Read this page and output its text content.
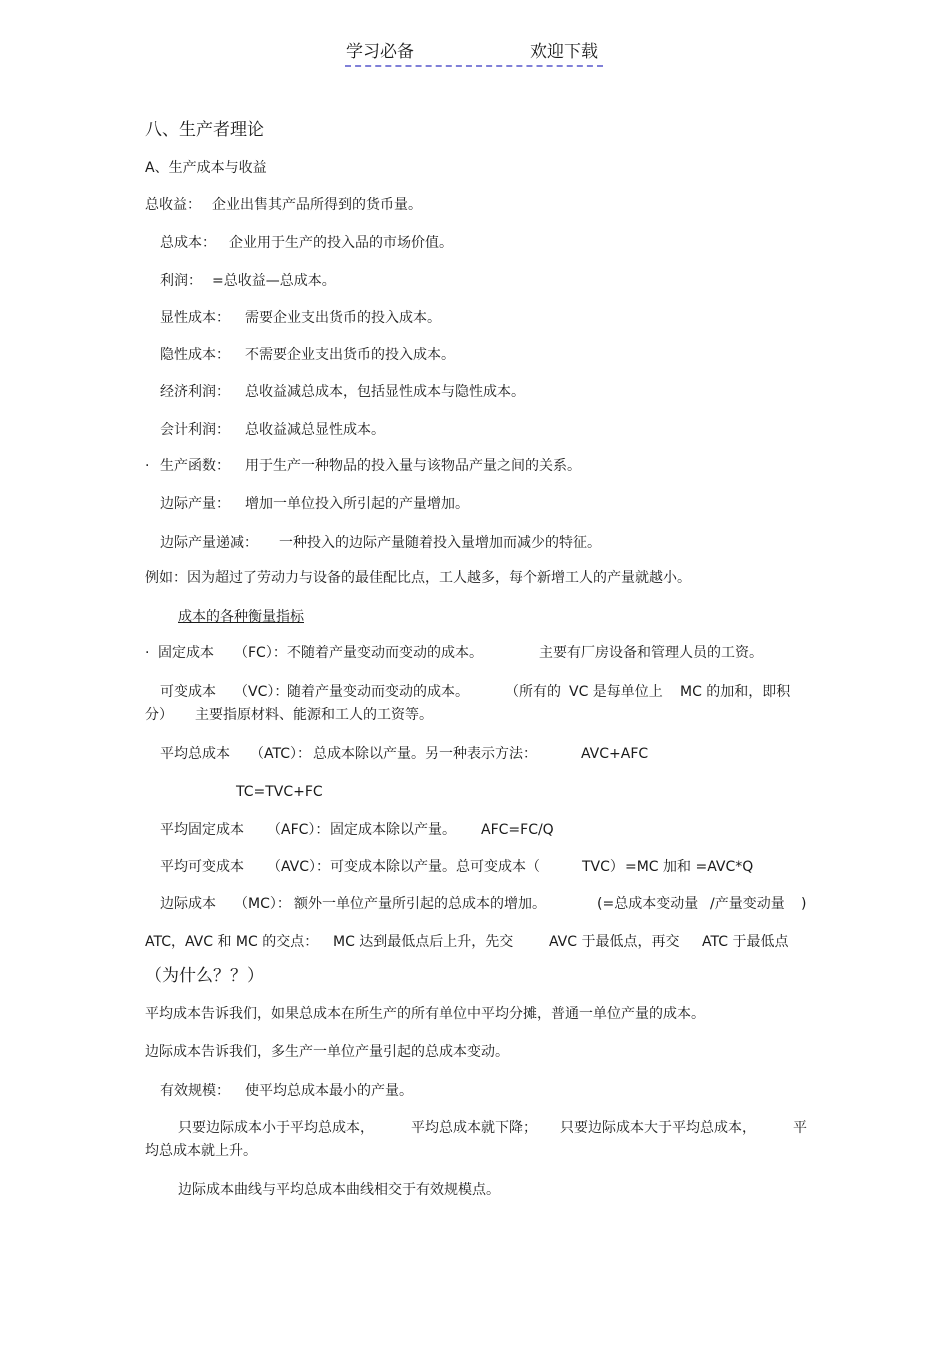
学习必备	欢迎下载
八、生产者理论
A、生产成本与收益
总收益： 企业出售其产品所得到的货币量。
总成本： 企业用于生产的投入品的市场价值。
利润： =总收益—总成本。
显性成本： 需要企业支出货币的投入成本。
隐性成本： 不需要企业支出货币的投入成本。
经济利润： 总收益减总成本，包括显性成本与隐性成本。
会计利润： 总收益减总显性成本。
· 生产函数： 用于生产一种物品的投入量与该物品产量之间的关系。
边际产量： 增加一单位投入所引起的产量增加。
边际产量递减： 一种投入的边际产量随着投入量增加而减少的特征。
例如：因为超过了劳动力与设备的最佳配比点，工人越多，每个新增工人的产量就越小。
成本的各种衡量指标
· 固定成本 （FC）： 不随着产量变动而变动的成本。	主要有厂房设备和管理人员的工资。
可变成本 （VC）：
随着产量变动而变动的成本。	（所有的 VC 是每单位上 MC 的加和，即积
分） 主要指原材料、能源和工人的工资等。
平均总成本 （ATC）： 总成本除以产量。另一种表示方法：	AVC+AFC
TC=TVC+FC
平均固定成本 （AFC）： 固定成本除以产量。 AFC=FC/Q
平均可变成本 （AVC）： 可变成本除以产量。总可变成本（	TVC） =MC 加和 =AVC*Q
边际成本 （MC）： 额外一单位产量所引起的总成本的增加。	(=总成本变动量 /产量变动量 )
ATC，AVC 和 MC 的交点： MC 达到最低点后上升，先交	AVC 于最低点，再交 ATC 于最低点
（为什么？？）
平均成本告诉我们，如果总成本在所生产的所有单位中平均分摊，普通一单位产量的成本。
边际成本告诉我们，多生产一单位产量引起的总成本变动。
有效规模： 使平均总成本最小的产量。
只要边际成本小于平均总成本，	平均总成本就下降； 只要边际成本大于平均总成本，	平
均总成本就上升。
边际成本曲线与平均总成本曲线相交于有效规模点。
